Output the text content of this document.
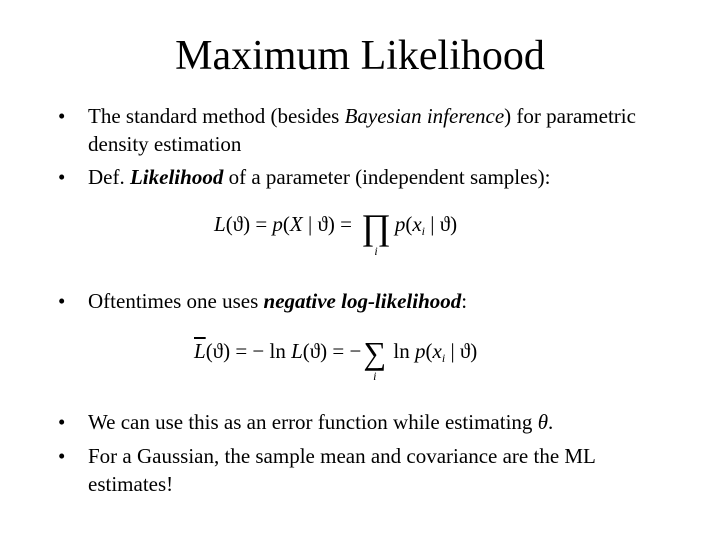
Maximum Likelihood
• The standard method (besides Bayesian inference) for parametric density estimation
• Def. Likelihood of a parameter (independent samples):
L(ϑ) = p(X | ϑ) = ∏
i
$p(x_i$ | ϑ)
• Oftentimes one uses negative log-likelihood:
$\overline{L}(ϑ)$ = − ln L(ϑ) = −∑
i
$\ln p(x_i$ | ϑ)
• We can use this as an error function while estimating θ.
• For a Gaussian, the sample mean and covariance are the ML estimates!
